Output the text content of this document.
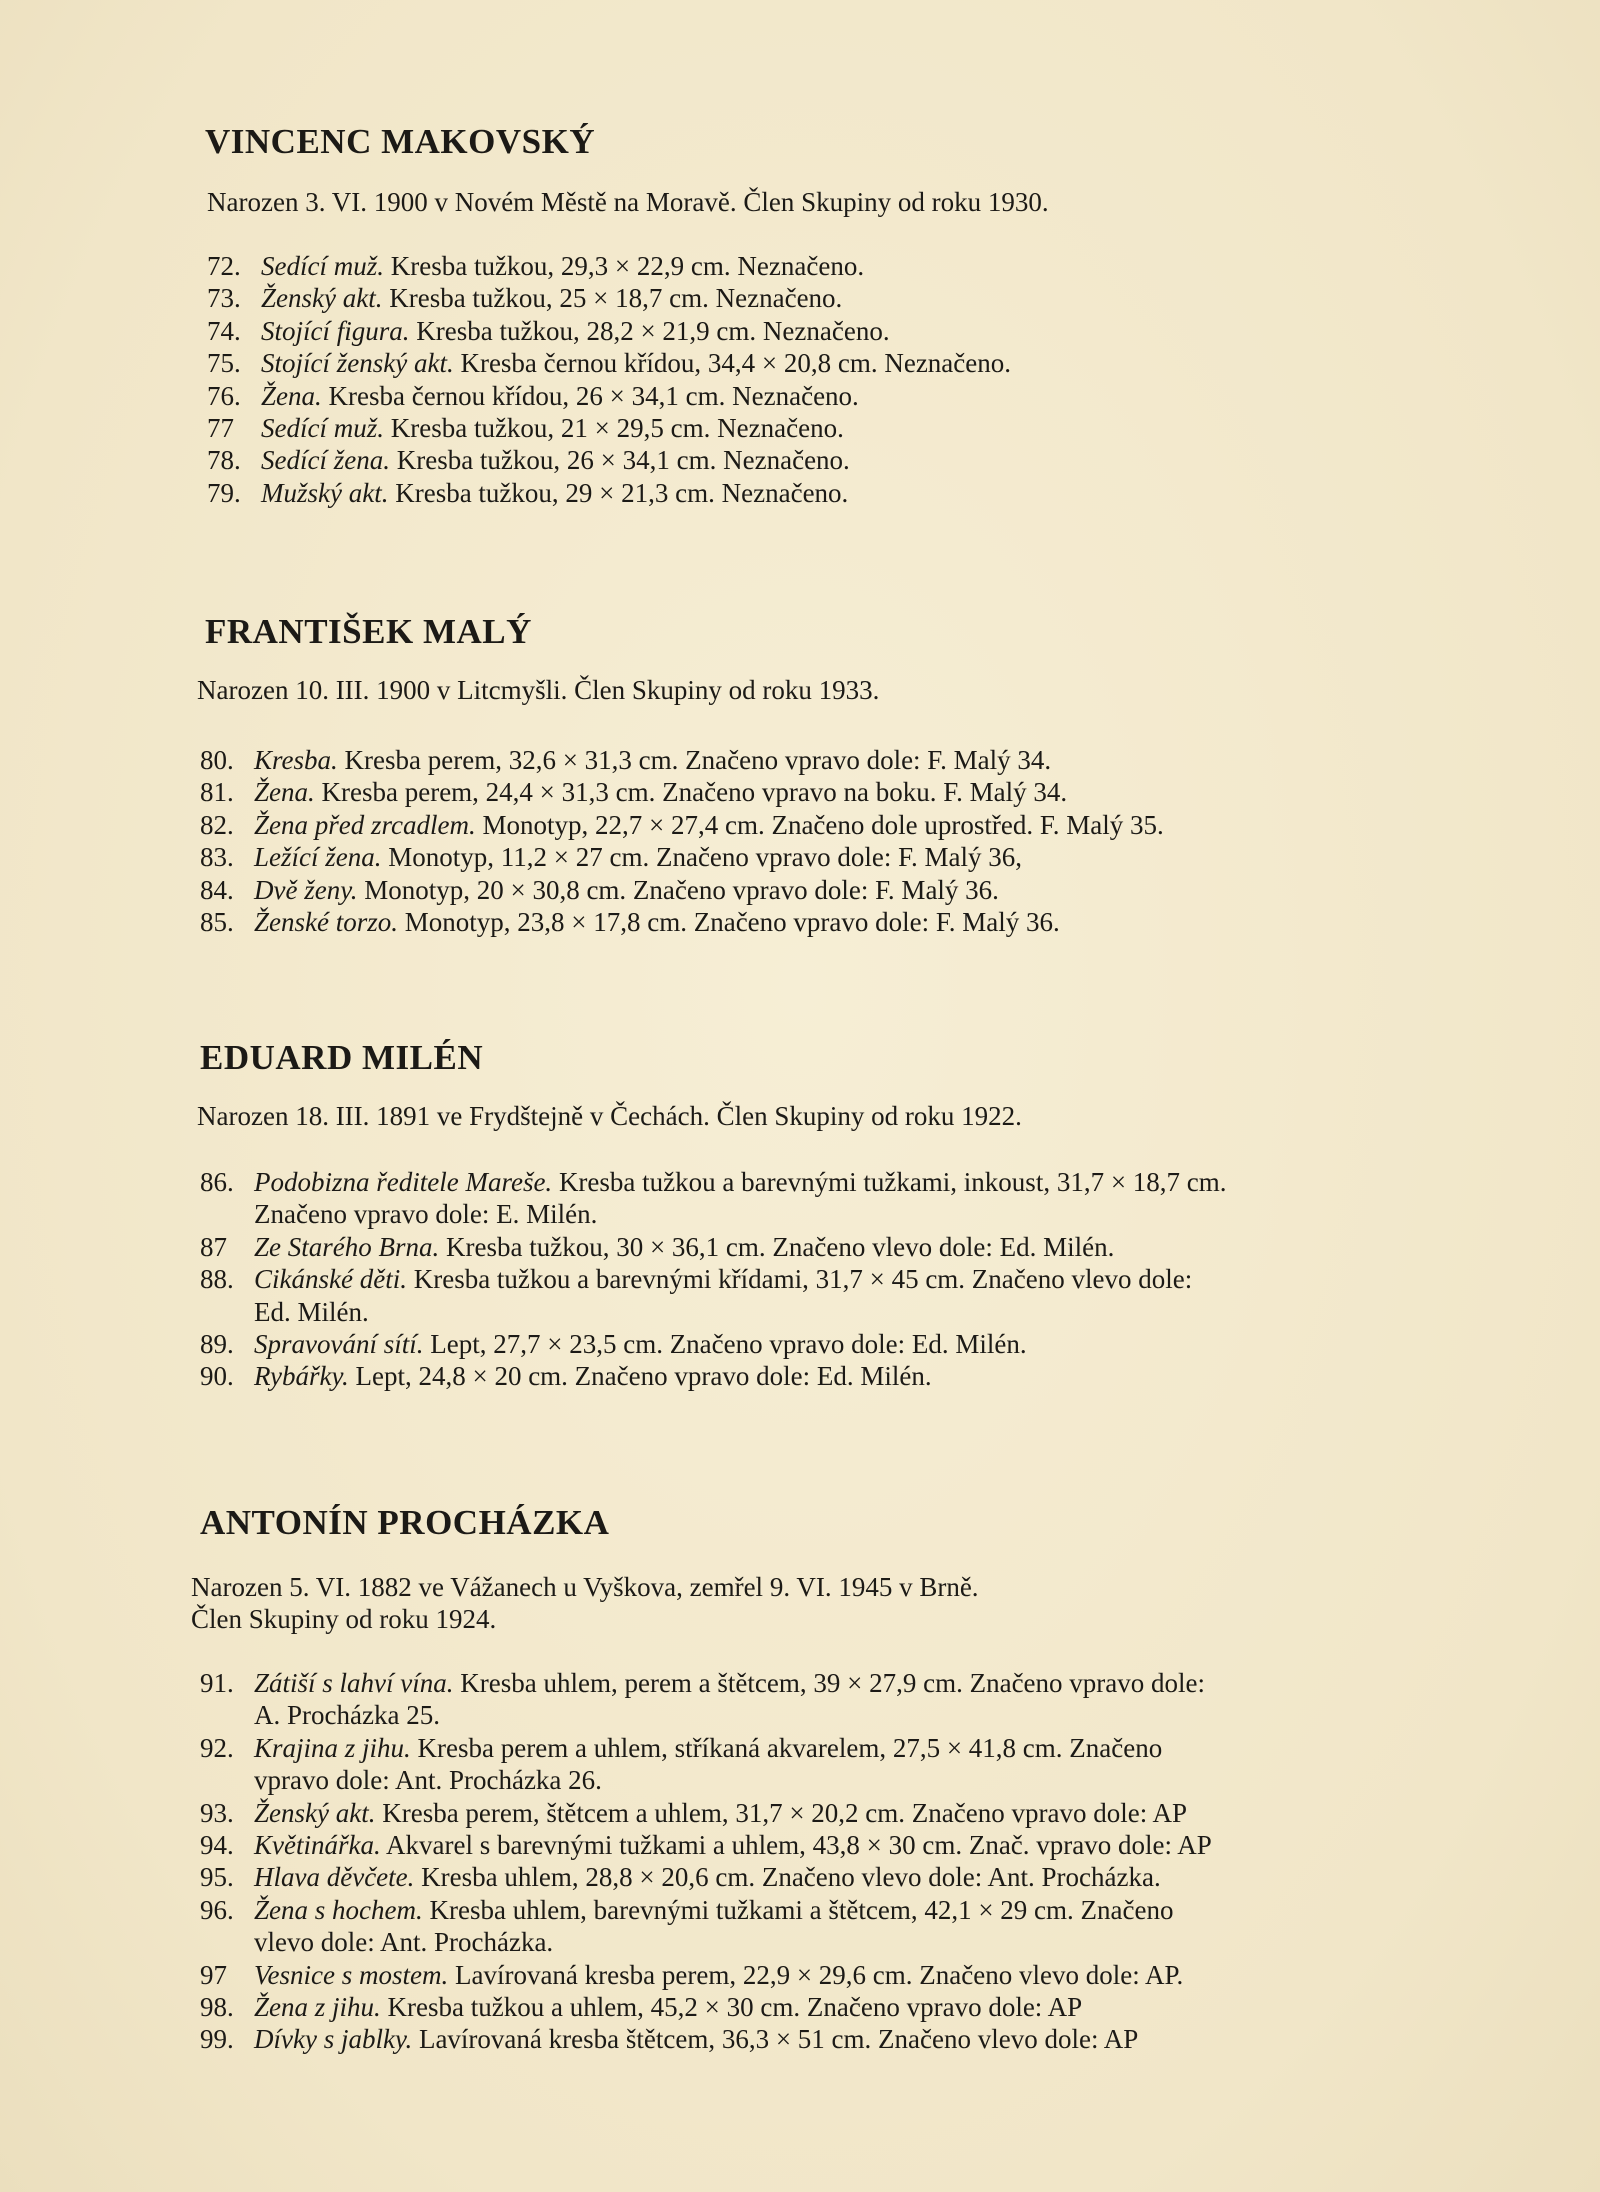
VINCENC MAKOVSKÝ
Narozen 3. VI. 1900 v Novém Městě na Moravě. Člen Skupiny od roku 1930.
72. Sedící muž. Kresba tužkou, 29,3 × 22,9 cm. Neznačeno.
73. Ženský akt. Kresba tužkou, 25 × 18,7 cm. Neznačeno.
74. Stojící figura. Kresba tužkou, 28,2 × 21,9 cm. Neznačeno.
75. Stojící ženský akt. Kresba černou křídou, 34,4 × 20,8 cm. Neznačeno.
76. Žena. Kresba černou křídou, 26 × 34,1 cm. Neznačeno.
77	Sedící muž. Kresba tužkou, 21 × 29,5 cm. Neznačeno.
78. Sedící žena. Kresba tužkou, 26 × 34,1 cm. Neznačeno.
79. Mužský akt. Kresba tužkou, 29 × 21,3 cm. Neznačeno.
FRANTIŠEK MALÝ
Narozen 10. III. 1900 v Litcmyšli. Člen Skupiny od roku 1933.
80. Kresba. Kresba perem, 32,6 × 31,3 cm. Značeno vpravo dole: F. Malý 34.
81. Žena. Kresba perem, 24,4 × 31,3 cm. Značeno vpravo na boku. F. Malý 34.
82. Žena před zrcadlem. Monotyp, 22,7 × 27,4 cm. Značeno dole uprostřed. F. Malý 35.
83. Ležící žena. Monotyp, 11,2 × 27 cm. Značeno vpravo dole: F. Malý 36,
84. Dvě ženy. Monotyp, 20 × 30,8 cm. Značeno vpravo dole: F. Malý 36.
85. Ženské torzo. Monotyp, 23,8 × 17,8 cm. Značeno vpravo dole: F. Malý 36.
EDUARD MILÉN
Narozen 18. III. 1891 ve Frydštejně v Čechách. Člen Skupiny od roku 1922.
86. Podobizna ředitele Mareše. Kresba tužkou a barevnými tužkami, inkoust, 31,7 × 18,7 cm.
Značeno vpravo dole: E. Milén.
87	Ze Starého Brna. Kresba tužkou, 30 × 36,1 cm. Značeno vlevo dole: Ed. Milén.
88. Cikánské děti. Kresba tužkou a barevnými křídami, 31,7 × 45 cm. Značeno vlevo dole:
Ed. Milén.
89. Spravování sítí. Lept, 27,7 × 23,5 cm. Značeno vpravo dole: Ed. Milén.
90. Rybářky. Lept, 24,8 × 20 cm. Značeno vpravo dole: Ed. Milén.
ANTONÍN PROCHÁZKA
Narozen 5. VI. 1882 ve Vážanech u Vyškova, zemřel 9. VI. 1945 v Brně.
Člen Skupiny od roku 1924.
91. Zátiší s lahví vína. Kresba uhlem, perem a štětcem, 39 × 27,9 cm. Značeno vpravo dole:
A. Procházka 25.
92. Krajina z jihu. Kresba perem a uhlem, stříkaná akvarelem, 27,5 × 41,8 cm. Značeno
vpravo dole: Ant. Procházka 26.
93. Ženský akt. Kresba perem, štětcem a uhlem, 31,7 × 20,2 cm. Značeno vpravo dole: AP
94. Květinářka. Akvarel s barevnými tužkami a uhlem, 43,8 × 30 cm. Znač. vpravo dole: AP
95. Hlava děvčete. Kresba uhlem, 28,8 × 20,6 cm. Značeno vlevo dole: Ant. Procházka.
96. Žena s hochem. Kresba uhlem, barevnými tužkami a štětcem, 42,1 × 29 cm. Značeno
vlevo dole: Ant. Procházka.
97	Vesnice s mostem. Lavírovaná kresba perem, 22,9 × 29,6 cm. Značeno vlevo dole: AP.
98. Žena z jihu. Kresba tužkou a uhlem, 45,2 × 30 cm. Značeno vpravo dole: AP
99. Dívky s jablky. Lavírovaná kresba štětcem, 36,3 × 51 cm. Značeno vlevo dole: AP
